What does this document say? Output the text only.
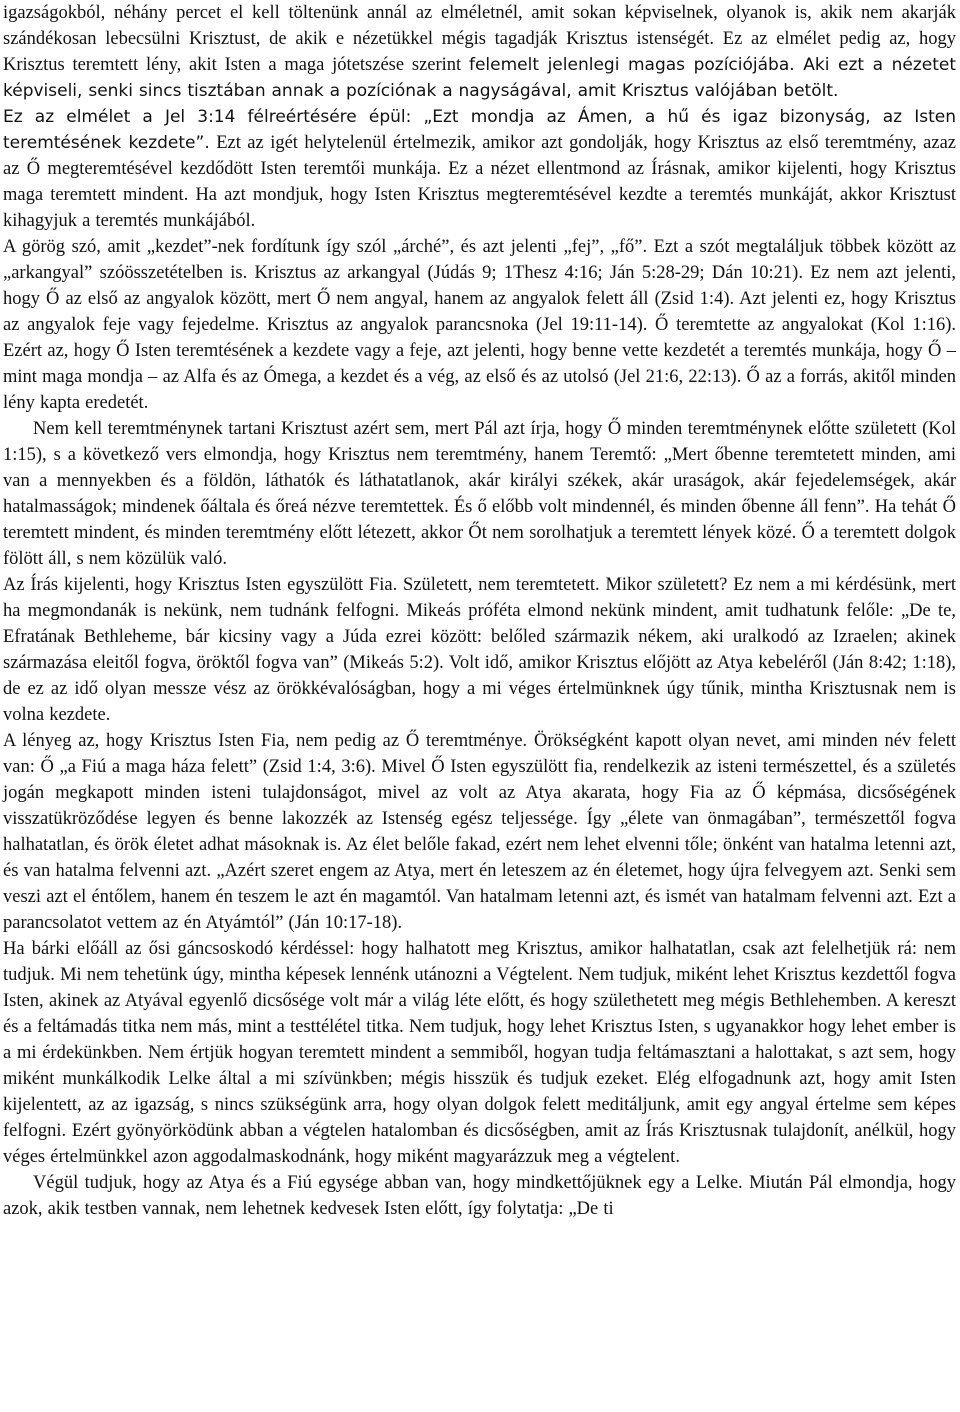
igazságokból, néhány percet el kell töltenünk annál az elméletnél, amit sokan képviselnek, olyanok is, akik nem akarják szándékosan lebecsülni Krisztust, de akik e nézetükkel mégis tagadják Krisztus istenségét. Ez az elmélet pedig az, hogy Krisztus teremtett lény, akit Isten a maga jótetszése szerint felemelt jelenlegi magas pozíciójába. Aki ezt a nézetet képviseli, senki sincs tisztában annak a pozíciónak a nagyságával, amit Krisztus valójában betölt.

Ez az elmélet a Jel 3:14 félreértésére épül: „Ezt mondja az Ámen, a hű és igaz bizonyság, az Isten teremtésének kezdete”. Ezt az igét helytelenül értelmezik, amikor azt gondolják, hogy Krisztus az első teremtmény, azaz az Ő megteremtésével kezdődött Isten teremtői munkája. Ez a nézet ellentmond az Írásnak, amikor kijelenti, hogy Krisztus maga teremtett mindent. Ha azt mondjuk, hogy Isten Krisztus megteremtésével kezdte a teremtés munkáját, akkor Krisztust kihagyjuk a teremtés munkájából.

A görög szó, amit „kezdet”-nek fordítunk így szól „árché”, és azt jelenti „fej”, „fő”. Ezt a szót megtaláljuk többek között az „arkangyal” szóösszetételben is. Krisztus az arkangyal (Júdás 9; 1Thesz 4:16; Ján 5:28-29; Dán 10:21). Ez nem azt jelenti, hogy Ő az első az angyalok között, mert Ő nem angyal, hanem az angyalok felett áll (Zsid 1:4). Azt jelenti ez, hogy Krisztus az angyalok feje vagy fejedelme. Krisztus az angyalok parancsnoka (Jel 19:11-14). Ő teremtette az angyalokat (Kol 1:16). Ezért az, hogy Ő Isten teremtésének a kezdete vagy a feje, azt jelenti, hogy benne vette kezdetét a teremtés munkája, hogy Ő – mint maga mondja – az Alfa és az Ómega, a kezdet és a vég, az első és az utolsó (Jel 21:6, 22:13). Ő az a forrás, akitől minden lény kapta eredetét.

Nem kell teremtménynek tartani Krisztust azért sem, mert Pál azt írja, hogy Ő minden teremtménynek előtte született (Kol 1:15), s a következő vers elmondja, hogy Krisztus nem teremtmény, hanem Teremtő: „Mert őbenne teremtetett minden, ami van a mennyekben és a földön, láthatók és láthatatlanok, akár királyi székek, akár uraságok, akár fejedelemségek, akár hatalmasságok; mindenek őáltala és őreá nézve teremtettek. És ő előbb volt mindennél, és minden őbenne áll fenn”. Ha tehát Ő teremtett mindent, és minden teremtmény előtt létezett, akkor Őt nem sorolhatjuk a teremtett lények közé. Ő a teremtett dolgok fölött áll, s nem közülük való.

Az Írás kijelenti, hogy Krisztus Isten egyszülött Fia. Született, nem teremtetett. Mikor született? Ez nem a mi kérdésünk, mert ha megmondanák is nekünk, nem tudnánk felfogni. Mikeás próféta elmond nekünk mindent, amit tudhatunk felőle: „De te, Efratának Bethleheme, bár kicsiny vagy a Júda ezrei között: belőled származik nékem, aki uralkodó az Izraelen; akinek származása eleitől fogva, öröktől fogva van” (Mikeás 5:2). Volt idő, amikor Krisztus előjött az Atya kebeléről (Ján 8:42; 1:18), de ez az idő olyan messze vész az örökkévalóságban, hogy a mi véges értelmünknek úgy tűnik, mintha Krisztusnak nem is volna kezdete.

A lényeg az, hogy Krisztus Isten Fia, nem pedig az Ő teremtménye. Örökségként kapott olyan nevet, ami minden név felett van: Ő „a Fiú a maga háza felett” (Zsid 1:4, 3:6). Mivel Ő Isten egyszülött fia, rendelkezik az isteni természettel, és a születés jogán megkapott minden isteni tulajdonságot, mivel az volt az Atya akarata, hogy Fia az Ő képmása, dicsőségének visszatükröződése legyen és benne lakozzék az Istenség egész teljessége. Így „élete van önmagában”, természettől fogva halhatatlan, és örök életet adhat másoknak is. Az élet belőle fakad, ezért nem lehet elvenni tőle; önként van hatalma letenni azt, és van hatalma felvenni azt. „Azért szeret engem az Atya, mert én leteszem az én életemet, hogy újra felvegyem azt. Senki sem veszi azt el éntőlem, hanem én teszem le azt én magamtól. Van hatalmam letenni azt, és ismét van hatalmam felvenni azt. Ezt a parancsolatot vettem az én Atyámtól” (Ján 10:17-18).

Ha bárki előáll az ősi gáncsoskodó kérdéssel: hogy halhatott meg Krisztus, amikor halhatatlan, csak azt felelhetjük rá: nem tudjuk. Mi nem tehetünk úgy, mintha képesek lennénk utánozni a Végtelent. Nem tudjuk, miként lehet Krisztus kezdettől fogva Isten, akinek az Atyával egyenlő dicsősége volt már a világ léte előtt, és hogy születhetett meg mégis Bethlehemben. A kereszt és a feltámadás titka nem más, mint a testtélétel titka. Nem tudjuk, hogy lehet Krisztus Isten, s ugyanakkor hogy lehet ember is a mi érdekünkben. Nem értjük hogyan teremtett mindent a semmiből, hogyan tudja feltámasztani a halottakat, s azt sem, hogy miként munkálkodik Lelke által a mi szívünkben; mégis hisszük és tudjuk ezeket. Elég elfogadnunk azt, hogy amit Isten kijelentett, az az igazság, s nincs szükségünk arra, hogy olyan dolgok felett meditáljunk, amit egy angyal értelme sem képes felfogni. Ezért gyönyörködünk abban a végtelen hatalomban és dicsőségben, amit az Írás Krisztusnak tulajdonít, anélkül, hogy véges értelmünkkel azon aggodalmaskodnánk, hogy miként magyarázzuk meg a végtelent.

Végül tudjuk, hogy az Atya és a Fiú egysége abban van, hogy mindkettőjüknek egy a Lelke. Miután Pál elmondja, hogy azok, akik testben vannak, nem lehetnek kedvesek Isten előtt, így folytatja: „De ti
